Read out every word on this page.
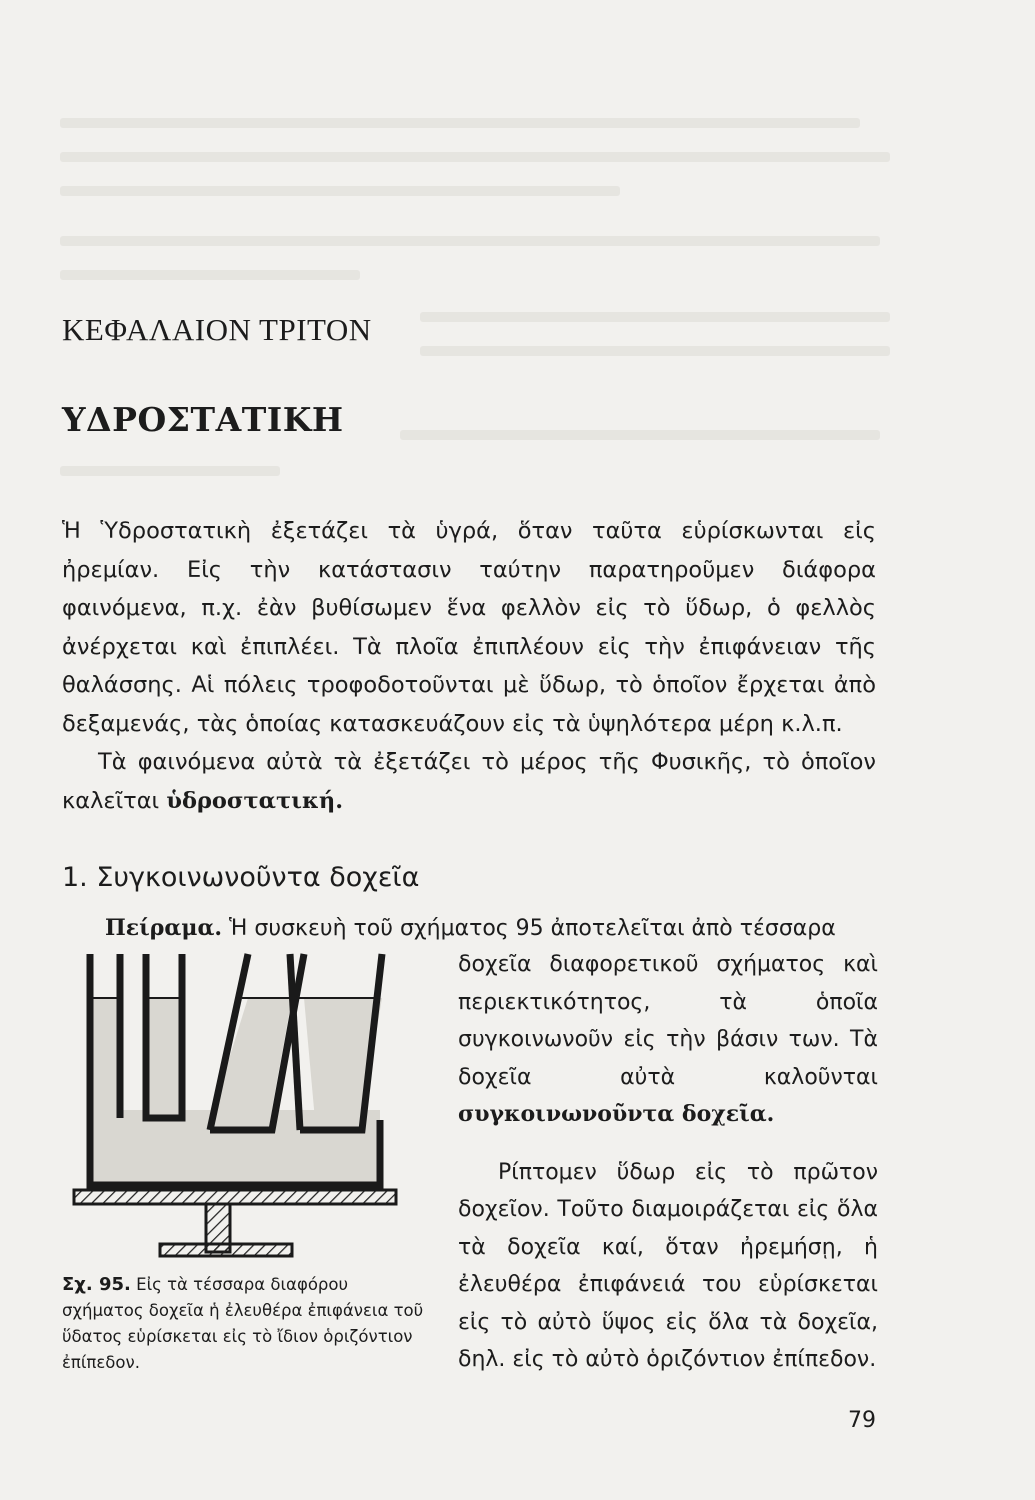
ΚΕΦΑΛΑΙΟΝ ΤΡΙΤΟΝ
ΥΔΡΟΣΤΑΤΙΚΗ

Ἡ Ὑδροστατικὴ ἐξετάζει τὰ ὑγρά, ὅταν ταῦτα εὑρίσκωνται εἰς ἠρεμίαν. Εἰς τὴν κατάστασιν ταύτην παρατηροῦμεν διάφορα φαινόμενα, π.χ. ἐὰν βυθίσωμεν ἕνα φελλὸν εἰς τὸ ὕδωρ, ὁ φελλὸς ἀνέρχεται καὶ ἐπιπλέει. Τὰ πλοῖα ἐπιπλέουν εἰς τὴν ἐπιφάνειαν τῆς θαλάσσης. Αἱ πόλεις τροφοδοτοῦνται μὲ ὕδωρ, τὸ ὁποῖον ἔρχεται ἀπὸ δεξαμενάς, τὰς ὁποίας κατασκευάζουν εἰς τὰ ὑψηλότερα μέρη κ.λ.π.

Τὰ φαινόμενα αὐτὰ τὰ ἐξετάζει τὸ μέρος τῆς Φυσικῆς, τὸ ὁποῖον καλεῖται ὑδροστατική.

1. Συγκοινωνοῦντα δοχεῖα

Πείραμα. Ἡ συσκευὴ τοῦ σχήματος 95 ἀποτελεῖται ἀπὸ τέσσαρα

δοχεῖα διαφορετικοῦ σχήματος καὶ περιεκτικότητος, τὰ ὁποῖα συγκοινωνοῦν εἰς τὴν βάσιν των. Τὰ δοχεῖα αὐτὰ καλοῦνται συγκοινωνοῦντα δοχεῖα.

Ρίπτομεν ὕδωρ εἰς τὸ πρῶτον δοχεῖον. Τοῦτο διαμοιράζεται εἰς ὅλα τὰ δοχεῖα καί, ὅταν ἠρεμήσῃ, ἡ ἐλευθέρα ἐπιφάνειά του εὑρίσκεται εἰς τὸ αὐτὸ ὕψος εἰς ὅλα τὰ δοχεῖα, δηλ. εἰς τὸ αὐτὸ ὁριζόντιον ἐπίπεδον.

Σχ. 95. Εἰς τὰ τέσσαρα διαφόρου σχήματος δοχεῖα ἡ ἐλευθέρα ἐπιφάνεια τοῦ ὕδατος εὑρίσκεται εἰς τὸ ἴδιον ὁριζόντιον ἐπίπεδον.

79
